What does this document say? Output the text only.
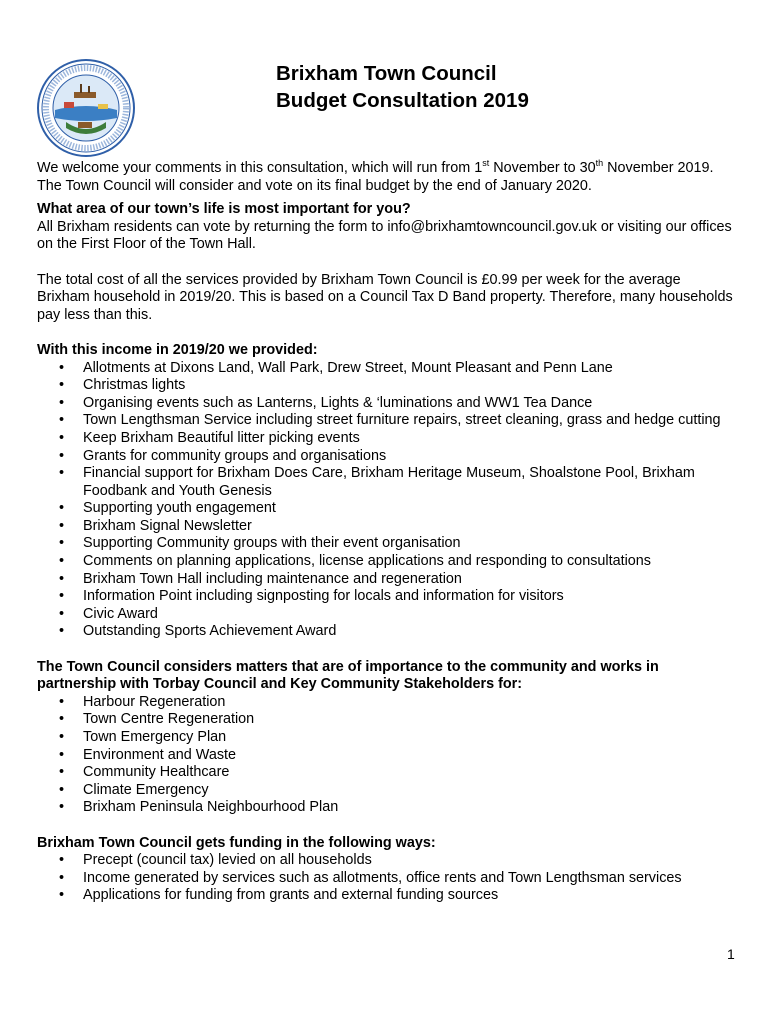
Brixham Town Council
Budget Consultation 2019

We welcome your comments in this consultation, which will run from 1st November to 30th November 2019. The Town Council will consider and vote on its final budget by the end of January 2020.

What area of our town’s life is most important for you?

All Brixham residents can vote by returning the form to info@brixhamtowncouncil.gov.uk or visiting our offices on the First Floor of the Town Hall.

The total cost of all the services provided by Brixham Town Council is £0.99 per week for the average Brixham household in 2019/20. This is based on a Council Tax D Band property. Therefore, many households pay less than this.

With this income in 2019/20 we provided:

• Allotments at Dixons Land, Wall Park, Drew Street, Mount Pleasant and Penn Lane
• Christmas lights
• Organising events such as Lanterns, Lights & ‘luminations and WW1 Tea Dance
• Town Lengthsman Service including street furniture repairs, street cleaning, grass and hedge cutting
• Keep Brixham Beautiful litter picking events
• Grants for community groups and organisations
• Financial support for Brixham Does Care, Brixham Heritage Museum, Shoalstone Pool, Brixham Foodbank and Youth Genesis
• Supporting youth engagement
• Brixham Signal Newsletter
• Supporting Community groups with their event organisation
• Comments on planning applications, license applications and responding to consultations
• Brixham Town Hall including maintenance and regeneration
• Information Point including signposting for locals and information for visitors
• Civic Award
• Outstanding Sports Achievement Award

The Town Council considers matters that are of importance to the community and works in partnership with Torbay Council and Key Community Stakeholders for:

• Harbour Regeneration
• Town Centre Regeneration
• Town Emergency Plan
• Environment and Waste
• Community Healthcare
• Climate Emergency
• Brixham Peninsula Neighbourhood Plan

Brixham Town Council gets funding in the following ways:

• Precept (council tax) levied on all households
• Income generated by services such as allotments, office rents and Town Lengthsman services
• Applications for funding from grants and external funding sources
1
